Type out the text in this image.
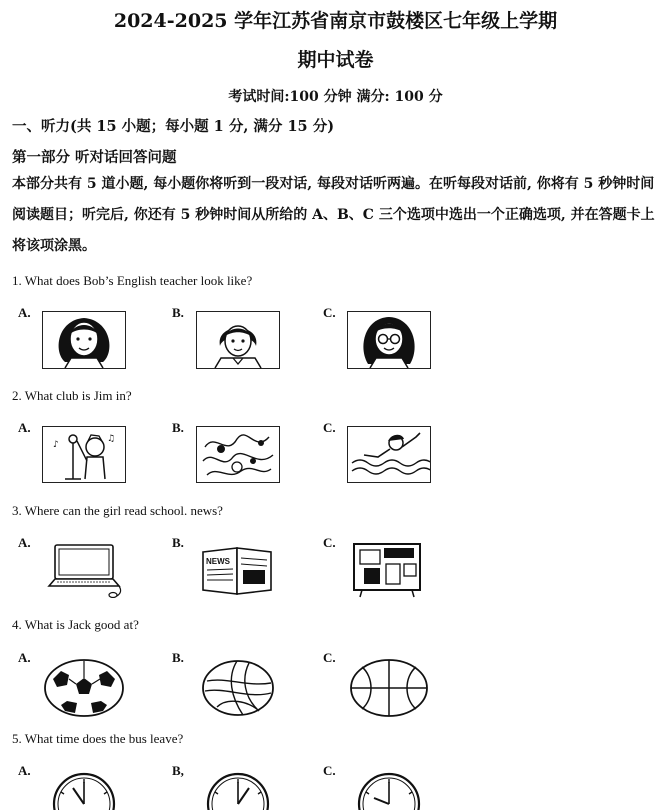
2024-2025 学年江苏省南京市鼓楼区七年级上学期
期中试卷
考试时间:100 分钟 满分: 100 分
一、听力(共 15 小题；每小题 1 分, 满分 15 分)
第一部分 听对话回答问题
本部分共有 5 道小题, 每小题你将听到一段对话, 每段对话听两遍。在听每段对话前, 你将有 5 秒钟时间阅读题目；听完后, 你还有 5 秒钟时间从所给的 A、B、C 三个选项中选出一个正确选项, 并在答题卡上将该项涂黑。
1. What does Bob’s English teacher look like?
A.	B.	C.
2. What club is Jim in?
A.
♪
♫
B.	C.
3. Where can the girl read school. news?
A.	B.
NEWS
C.
4. What is Jack good at?
A.	B.	C.
5. What time does the bus leave?
A.	B,	C.
